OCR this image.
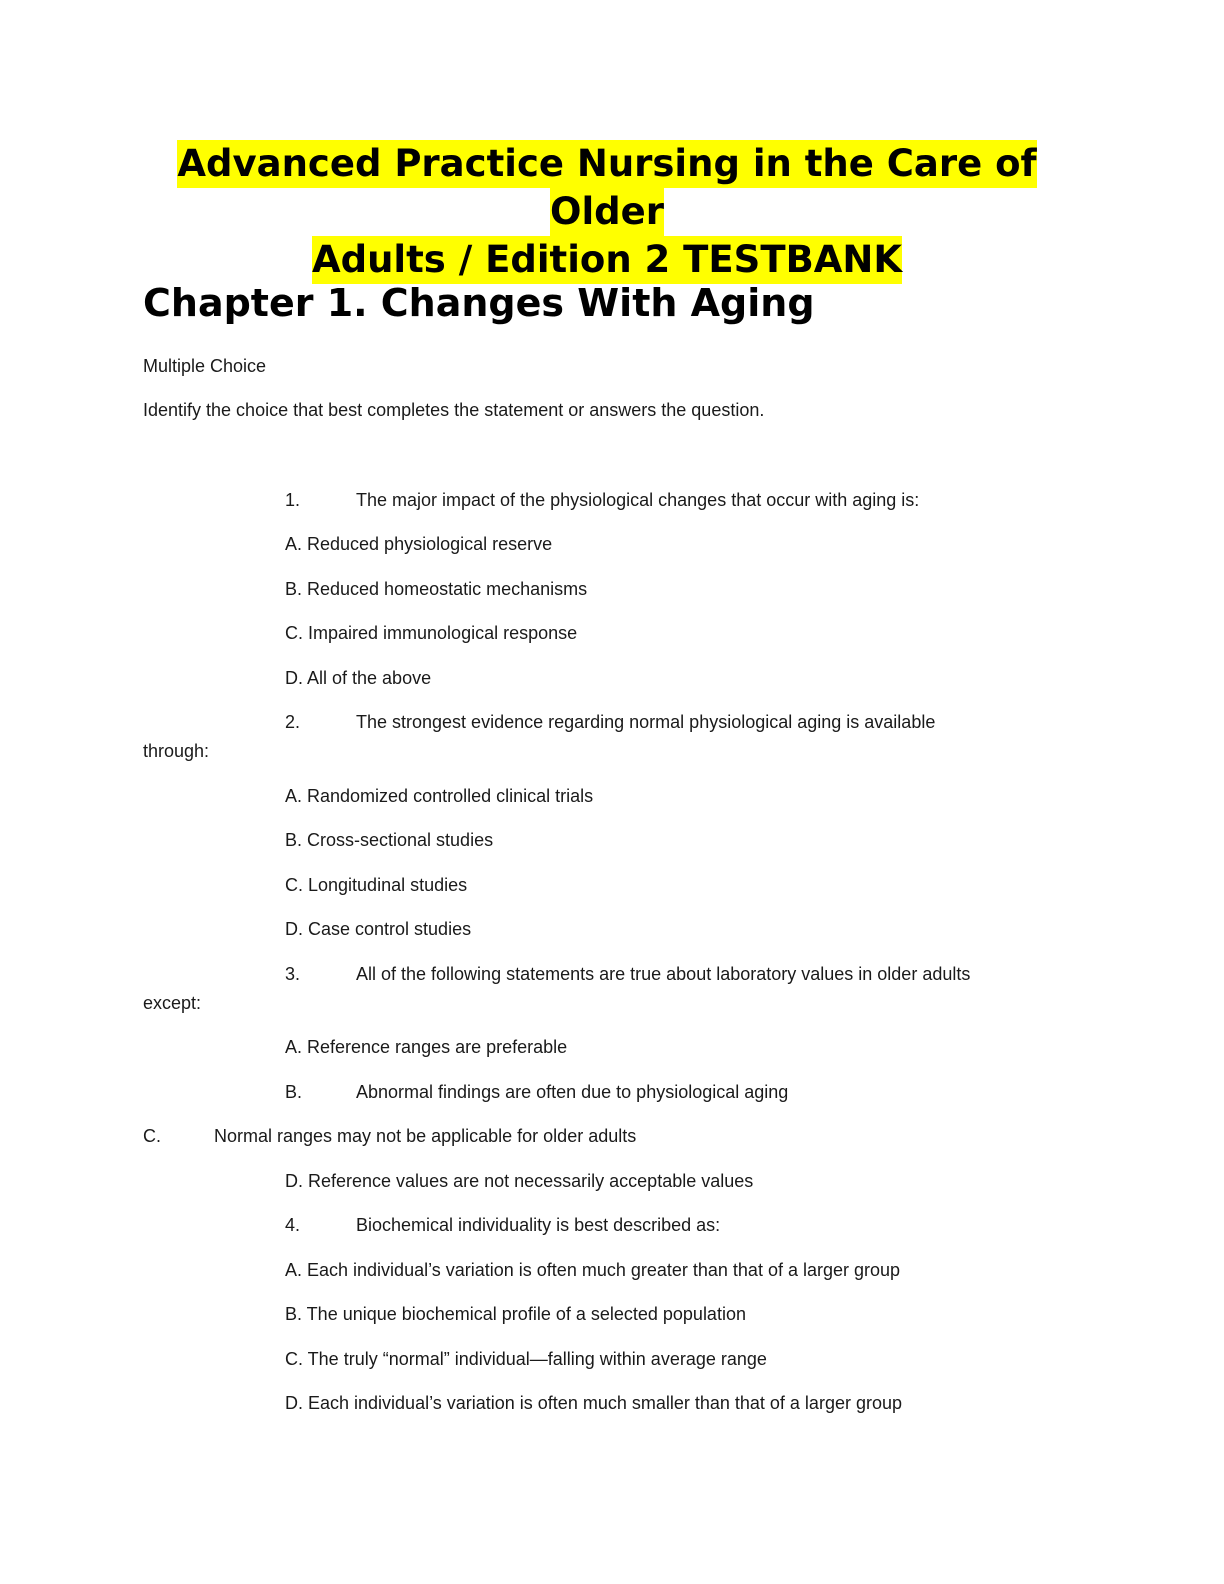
Advanced Practice Nursing in the Care of Older
Adults / Edition 2 TESTBANK
Chapter 1. Changes With Aging
Multiple Choice
Identify the choice that best completes the statement or answers the question.
1.	The major impact of the physiological changes that occur with aging is:
A. Reduced physiological reserve
B. Reduced homeostatic mechanisms
C. Impaired immunological response
D. All of the above
2.	The strongest evidence regarding normal physiological aging is available
through:
A. Randomized controlled clinical trials
B. Cross-sectional studies
C. Longitudinal studies
D. Case control studies
3.	All of the following statements are true about laboratory values in older adults
except:
A. Reference ranges are preferable
B.	Abnormal findings are often due to physiological aging
C.	Normal ranges may not be applicable for older adults
D. Reference values are not necessarily acceptable values
4.	Biochemical individuality is best described as:
A. Each individual’s variation is often much greater than that of a larger group
B. The unique biochemical profile of a selected population
C. The truly “normal” individual—falling within average range
D. Each individual’s variation is often much smaller than that of a larger group
